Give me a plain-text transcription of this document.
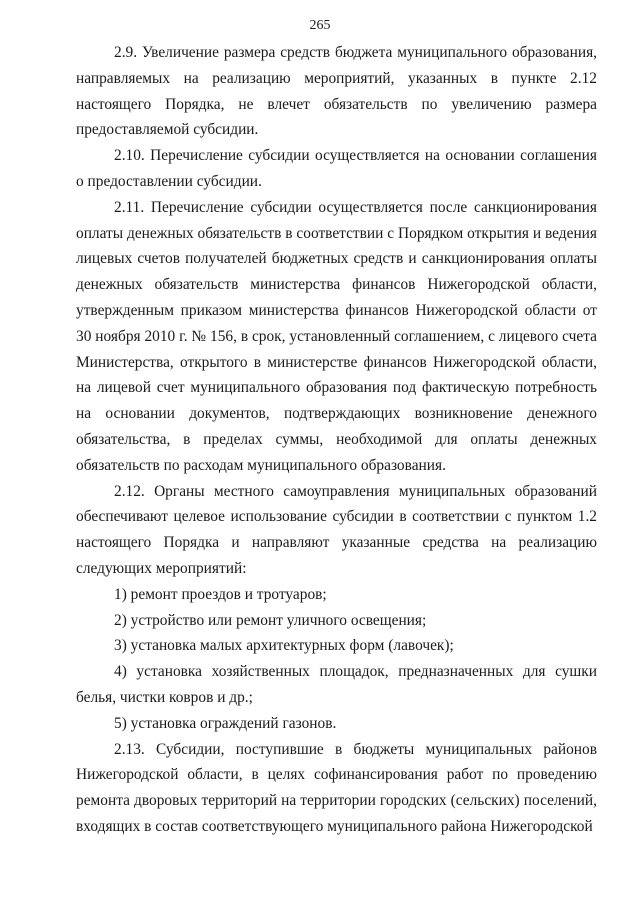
265

2.9. Увеличение размера средств бюджета муниципального образования, направляемых на реализацию мероприятий, указанных в пункте 2.12 настоящего Порядка, не влечет обязательств по увеличению размера предоставляемой субсидии.

2.10. Перечисление субсидии осуществляется на основании соглашения о предоставлении субсидии.

2.11. Перечисление субсидии осуществляется после санкционирования оплаты денежных обязательств в соответствии с Порядком открытия и ведения лицевых счетов получателей бюджетных средств и санкционирования оплаты денежных обязательств министерства финансов Нижегородской области, утвержденным приказом министерства финансов Нижегородской области от 30 ноября 2010 г. № 156, в срок, установленный соглашением, с лицевого счета Министерства, открытого в министерстве финансов Нижегородской области, на лицевой счет муниципального образования под фактическую потребность на основании документов, подтверждающих возникновение денежного обязательства, в пределах суммы, необходимой для оплаты денежных обязательств по расходам муниципального образования.

2.12. Органы местного самоуправления муниципальных образований обеспечивают целевое использование субсидии в соответствии с пунктом 1.2 настоящего Порядка и направляют указанные средства на реализацию следующих мероприятий:

1) ремонт проездов и тротуаров;

2) устройство или ремонт уличного освещения;

3) установка малых архитектурных форм (лавочек);

4) установка хозяйственных площадок, предназначенных для сушки белья, чистки ковров и др.;

5) установка ограждений газонов.

2.13. Субсидии, поступившие в бюджеты муниципальных районов Нижегородской области, в целях софинансирования работ по проведению ремонта дворовых территорий на территории городских (сельских) поселений, входящих в состав соответствующего муниципального района Нижегородской
